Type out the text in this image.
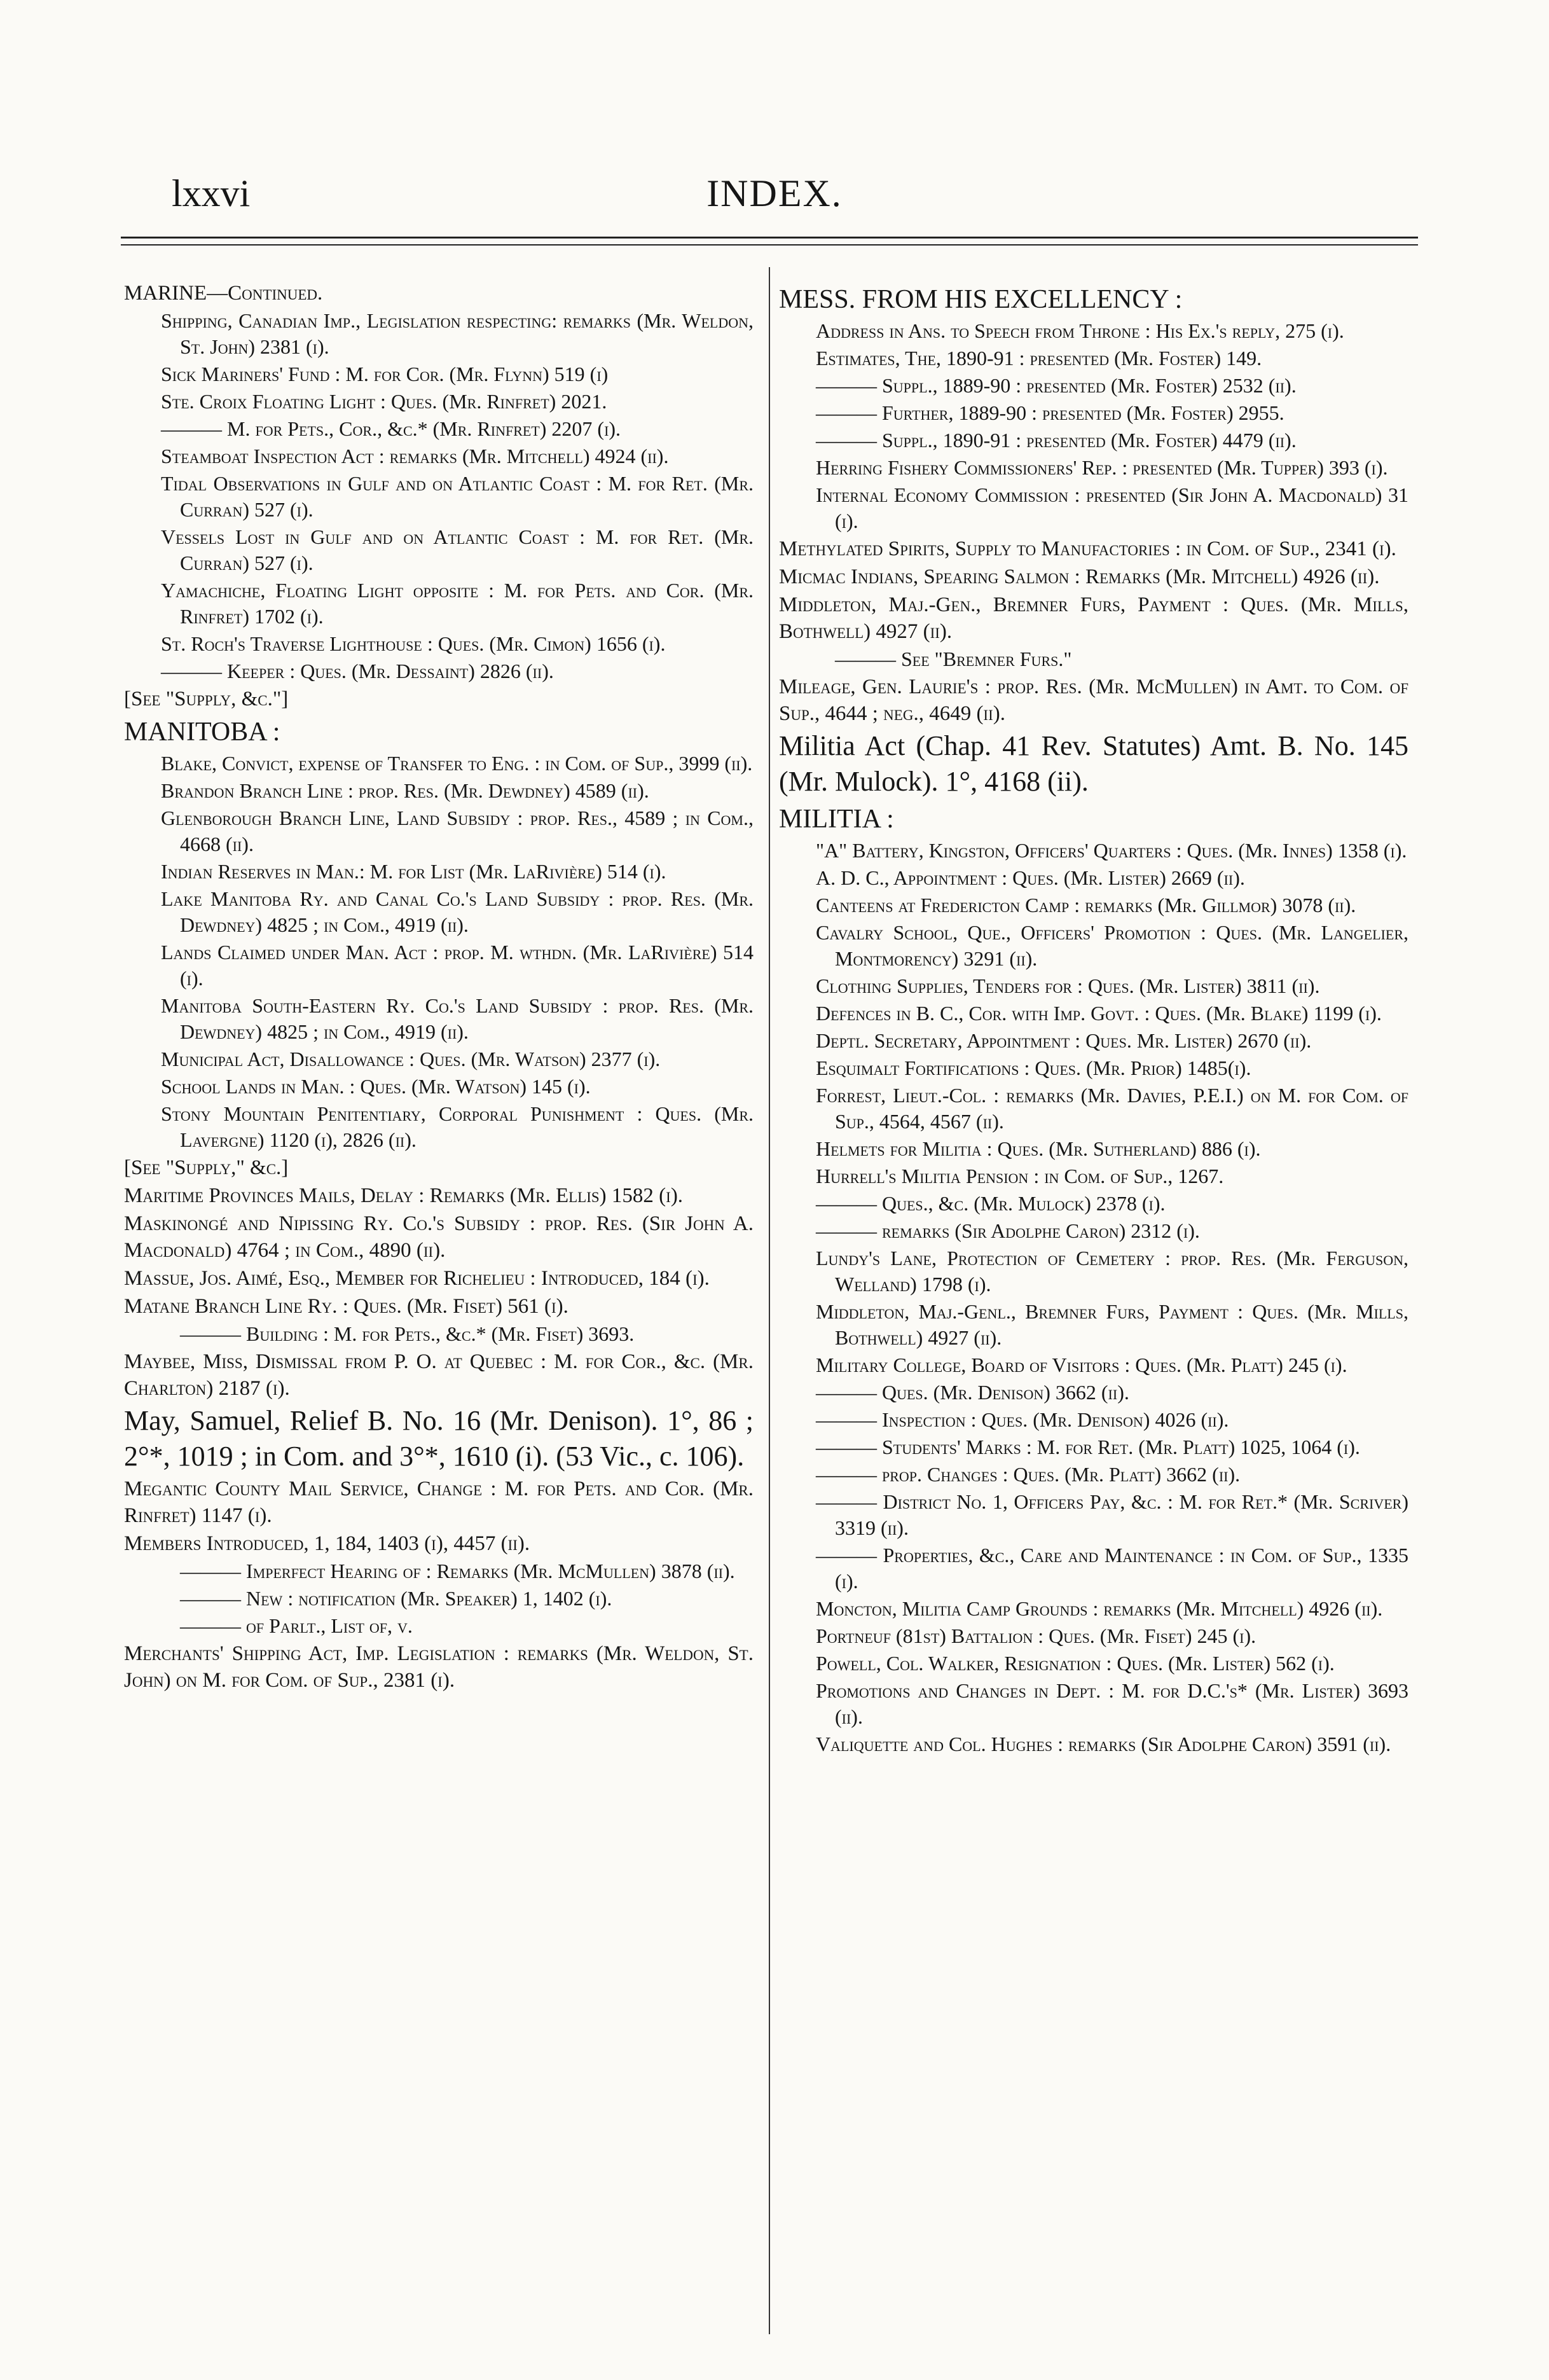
lxxvi	INDEX.
MARINE—Continued.
Shipping, Canadian Imp., Legislation respecting: remarks (Mr. Weldon, St. John) 2381 (i).
Sick Mariners' Fund : M. for Cor. (Mr. Flynn) 519 (i)
Ste. Croix Floating Light : Ques. (Mr. Rinfret) 2021.
——— M. for Pets., Cor., &c.* (Mr. Rinfret) 2207 (i).
Steamboat Inspection Act : remarks (Mr. Mitchell) 4924 (ii).
Tidal Observations in Gulf and on Atlantic Coast : M. for Ret. (Mr. Curran) 527 (i).
Vessels Lost in Gulf and on Atlantic Coast : M. for Ret. (Mr. Curran) 527 (i).
Yamachiche, Floating Light opposite : M. for Pets. and Cor. (Mr. Rinfret) 1702 (i).
St. Roch's Traverse Lighthouse : Ques. (Mr. Cimon) 1656 (i).
——— Keeper : Ques. (Mr. Dessaint) 2826 (ii).
[See "Supply, &c."]
MANITOBA :
Blake, Convict, expense of Transfer to Eng. : in Com. of Sup., 3999 (ii).
Brandon Branch Line : prop. Res. (Mr. Dewdney) 4589 (ii).
Glenborough Branch Line, Land Subsidy : prop. Res., 4589 ; in Com., 4668 (ii).
Indian Reserves in Man.: M. for List (Mr. LaRivière) 514 (i).
Lake Manitoba Ry. and Canal Co.'s Land Subsidy : prop. Res. (Mr. Dewdney) 4825 ; in Com., 4919 (ii).
Lands Claimed under Man. Act : prop. M. wthdn. (Mr. LaRivière) 514 (i).
Manitoba South-Eastern Ry. Co.'s Land Subsidy : prop. Res. (Mr. Dewdney) 4825 ; in Com., 4919 (ii).
Municipal Act, Disallowance : Ques. (Mr. Watson) 2377 (i).
School Lands in Man. : Ques. (Mr. Watson) 145 (i).
Stony Mountain Penitentiary, Corporal Punishment : Ques. (Mr. Lavergne) 1120 (i), 2826 (ii).
[See "Supply," &c.]
Maritime Provinces Mails, Delay : Remarks (Mr. Ellis) 1582 (i).
Maskinongé and Nipissing Ry. Co.'s Subsidy : prop. Res. (Sir John A. Macdonald) 4764 ; in Com., 4890 (ii).
Massue, Jos. Aimé, Esq., Member for Richelieu : Introduced, 184 (i).
Matane Branch Line Ry. : Ques. (Mr. Fiset) 561 (i).
——— Building : M. for Pets., &c.* (Mr. Fiset) 3693.
Maybee, Miss, Dismissal from P. O. at Quebec : M. for Cor., &c. (Mr. Charlton) 2187 (i).
May, Samuel, Relief B. No. 16 (Mr. Denison). 1°, 86 ; 2°*, 1019 ; in Com. and 3°*, 1610 (i). (53 Vic., c. 106).
Megantic County Mail Service, Change : M. for Pets. and Cor. (Mr. Rinfret) 1147 (i).
Members Introduced, 1, 184, 1403 (i), 4457 (ii).
——— Imperfect Hearing of : Remarks (Mr. McMullen) 3878 (ii).
——— New : notification (Mr. Speaker) 1, 1402 (i).
——— of Parlt., List of, v.
Merchants' Shipping Act, Imp. Legislation : remarks (Mr. Weldon, St. John) on M. for Com. of Sup., 2381 (i).
MESS. FROM HIS EXCELLENCY :
Address in Ans. to Speech from Throne : His Ex.'s reply, 275 (i).
Estimates, The, 1890-91 : presented (Mr. Foster) 149.
——— Suppl., 1889-90 : presented (Mr. Foster) 2532 (ii).
——— Further, 1889-90 : presented (Mr. Foster) 2955.
——— Suppl., 1890-91 : presented (Mr. Foster) 4479 (ii).
Herring Fishery Commissioners' Rep. : presented (Mr. Tupper) 393 (i).
Internal Economy Commission : presented (Sir John A. Macdonald) 31 (i).
Methylated Spirits, Supply to Manufactories : in Com. of Sup., 2341 (i).
Micmac Indians, Spearing Salmon : Remarks (Mr. Mitchell) 4926 (ii).
Middleton, Maj.-Gen., Bremner Furs, Payment : Ques. (Mr. Mills, Bothwell) 4927 (ii).
——— See "Bremner Furs."
Mileage, Gen. Laurie's : prop. Res. (Mr. McMullen) in Amt. to Com. of Sup., 4644 ; neg., 4649 (ii).
Militia Act (Chap. 41 Rev. Statutes) Amt. B. No. 145 (Mr. Mulock). 1°, 4168 (ii).
MILITIA :
"A" Battery, Kingston, Officers' Quarters : Ques. (Mr. Innes) 1358 (i).
A. D. C., Appointment : Ques. (Mr. Lister) 2669 (ii).
Canteens at Fredericton Camp : remarks (Mr. Gillmor) 3078 (ii).
Cavalry School, Que., Officers' Promotion : Ques. (Mr. Langelier, Montmorency) 3291 (ii).
Clothing Supplies, Tenders for : Ques. (Mr. Lister) 3811 (ii).
Defences in B. C., Cor. with Imp. Govt. : Ques. (Mr. Blake) 1199 (i).
Deptl. Secretary, Appointment : Ques. Mr. Lister) 2670 (ii).
Esquimalt Fortifications : Ques. (Mr. Prior) 1485(i).
Forrest, Lieut.-Col. : remarks (Mr. Davies, P.E.I.) on M. for Com. of Sup., 4564, 4567 (ii).
Helmets for Militia : Ques. (Mr. Sutherland) 886 (i).
Hurrell's Militia Pension : in Com. of Sup., 1267.
——— Ques., &c. (Mr. Mulock) 2378 (i).
——— remarks (Sir Adolphe Caron) 2312 (i).
Lundy's Lane, Protection of Cemetery : prop. Res. (Mr. Ferguson, Welland) 1798 (i).
Middleton, Maj.-Genl., Bremner Furs, Payment : Ques. (Mr. Mills, Bothwell) 4927 (ii).
Military College, Board of Visitors : Ques. (Mr. Platt) 245 (i).
——— Ques. (Mr. Denison) 3662 (ii).
——— Inspection : Ques. (Mr. Denison) 4026 (ii).
——— Students' Marks : M. for Ret. (Mr. Platt) 1025, 1064 (i).
——— prop. Changes : Ques. (Mr. Platt) 3662 (ii).
——— District No. 1, Officers Pay, &c. : M. for Ret.* (Mr. Scriver) 3319 (ii).
——— Properties, &c., Care and Maintenance : in Com. of Sup., 1335 (i).
Moncton, Militia Camp Grounds : remarks (Mr. Mitchell) 4926 (ii).
Portneuf (81st) Battalion : Ques. (Mr. Fiset) 245 (i).
Powell, Col. Walker, Resignation : Ques. (Mr. Lister) 562 (i).
Promotions and Changes in Dept. : M. for D.C.'s* (Mr. Lister) 3693 (ii).
Valiquette and Col. Hughes : remarks (Sir Adolphe Caron) 3591 (ii).
